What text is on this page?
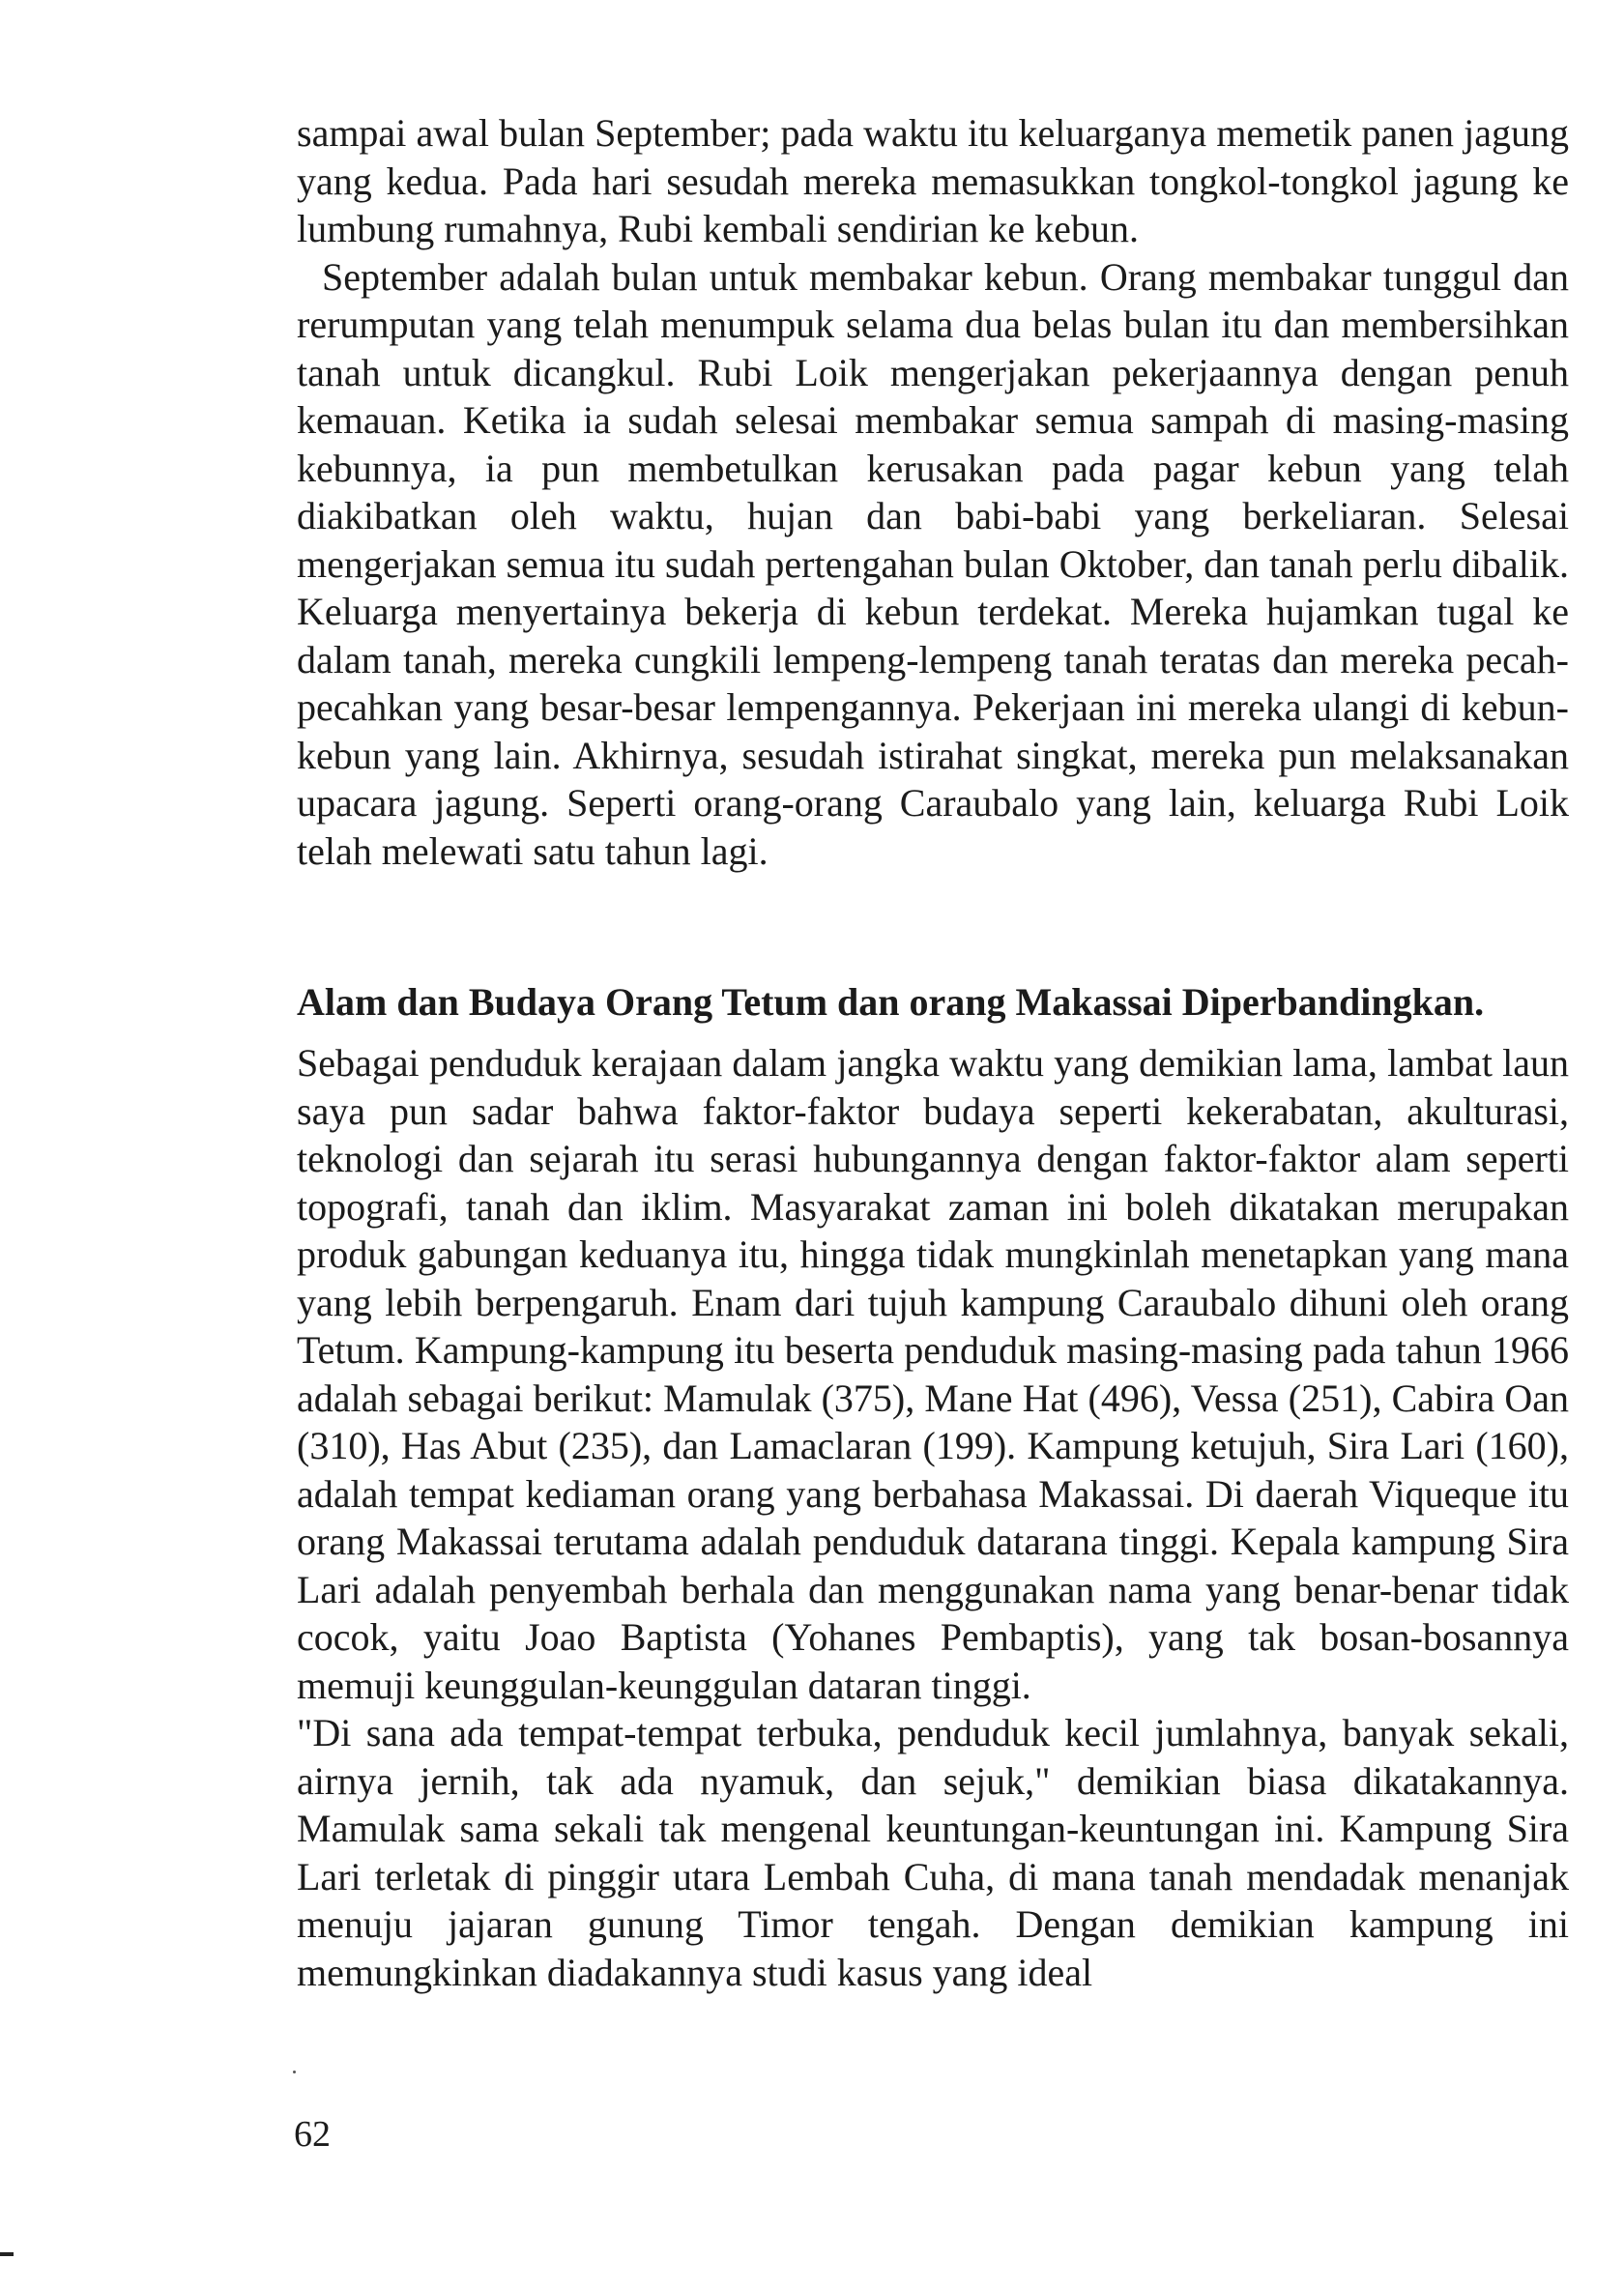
sampai awal bulan September; pada waktu itu keluarganya memetik panen jagung yang kedua. Pada hari sesudah mereka memasukkan tongkol-tongkol jagung ke lumbung rumahnya, Rubi kembali sendirian ke kebun.

September adalah bulan untuk membakar kebun. Orang membakar tunggul dan rerumputan yang telah menumpuk selama dua belas bulan itu dan membersihkan tanah untuk dicangkul. Rubi Loik mengerjakan pekerjaannya dengan penuh kemauan. Ketika ia sudah selesai membakar semua sampah di masing-masing kebunnya, ia pun membetulkan kerusakan pada pagar kebun yang telah diakibatkan oleh waktu, hujan dan babi-babi yang berkeliaran. Selesai mengerjakan semua itu sudah pertengahan bulan Oktober, dan tanah perlu dibalik. Keluarga menyertainya bekerja di kebun terdekat. Mereka hujamkan tugal ke dalam tanah, mereka cungkili lempeng-lempeng tanah teratas dan mereka pecah-pecahkan yang besar-besar lempengannya. Pekerjaan ini mereka ulangi di kebun-kebun yang lain. Akhirnya, sesudah istirahat singkat, mereka pun melaksanakan upacara jagung. Seperti orang-orang Caraubalo yang lain, keluarga Rubi Loik telah melewati satu tahun lagi.

Alam dan Budaya Orang Tetum dan orang Makassai Diperbandingkan.

Sebagai penduduk kerajaan dalam jangka waktu yang demikian lama, lambat laun saya pun sadar bahwa faktor-faktor budaya seperti kekerabatan, akulturasi, teknologi dan sejarah itu serasi hubungannya dengan faktor-faktor alam seperti topografi, tanah dan iklim. Masyarakat zaman ini boleh dikatakan merupakan produk gabungan keduanya itu, hingga tidak mungkinlah menetapkan yang mana yang lebih berpengaruh. Enam dari tujuh kampung Caraubalo dihuni oleh orang Tetum. Kampung-kampung itu beserta penduduk masing-masing pada tahun 1966 adalah sebagai berikut: Mamulak (375), Mane Hat (496), Vessa (251), Cabira Oan (310), Has Abut (235), dan Lamaclaran (199). Kampung ketujuh, Sira Lari (160), adalah tempat kediaman orang yang berbahasa Makassai. Di daerah Viqueque itu orang Makassai terutama adalah penduduk datarana tinggi. Kepala kampung Sira Lari adalah penyembah berhala dan menggunakan nama yang benar-benar tidak cocok, yaitu Joao Baptista (Yohanes Pembaptis), yang tak bosan-bosannya memuji keunggulan-keunggulan dataran tinggi.

"Di sana ada tempat-tempat terbuka, penduduk kecil jumlahnya, banyak sekali, airnya jernih, tak ada nyamuk, dan sejuk," demikian biasa dikatakannya. Mamulak sama sekali tak mengenal keuntungan-keuntungan ini. Kampung Sira Lari terletak di pinggir utara Lembah Cuha, di mana tanah mendadak menanjak menuju jajaran gunung Timor tengah. Dengan demikian kampung ini memungkinkan diadakannya studi kasus yang ideal

62
